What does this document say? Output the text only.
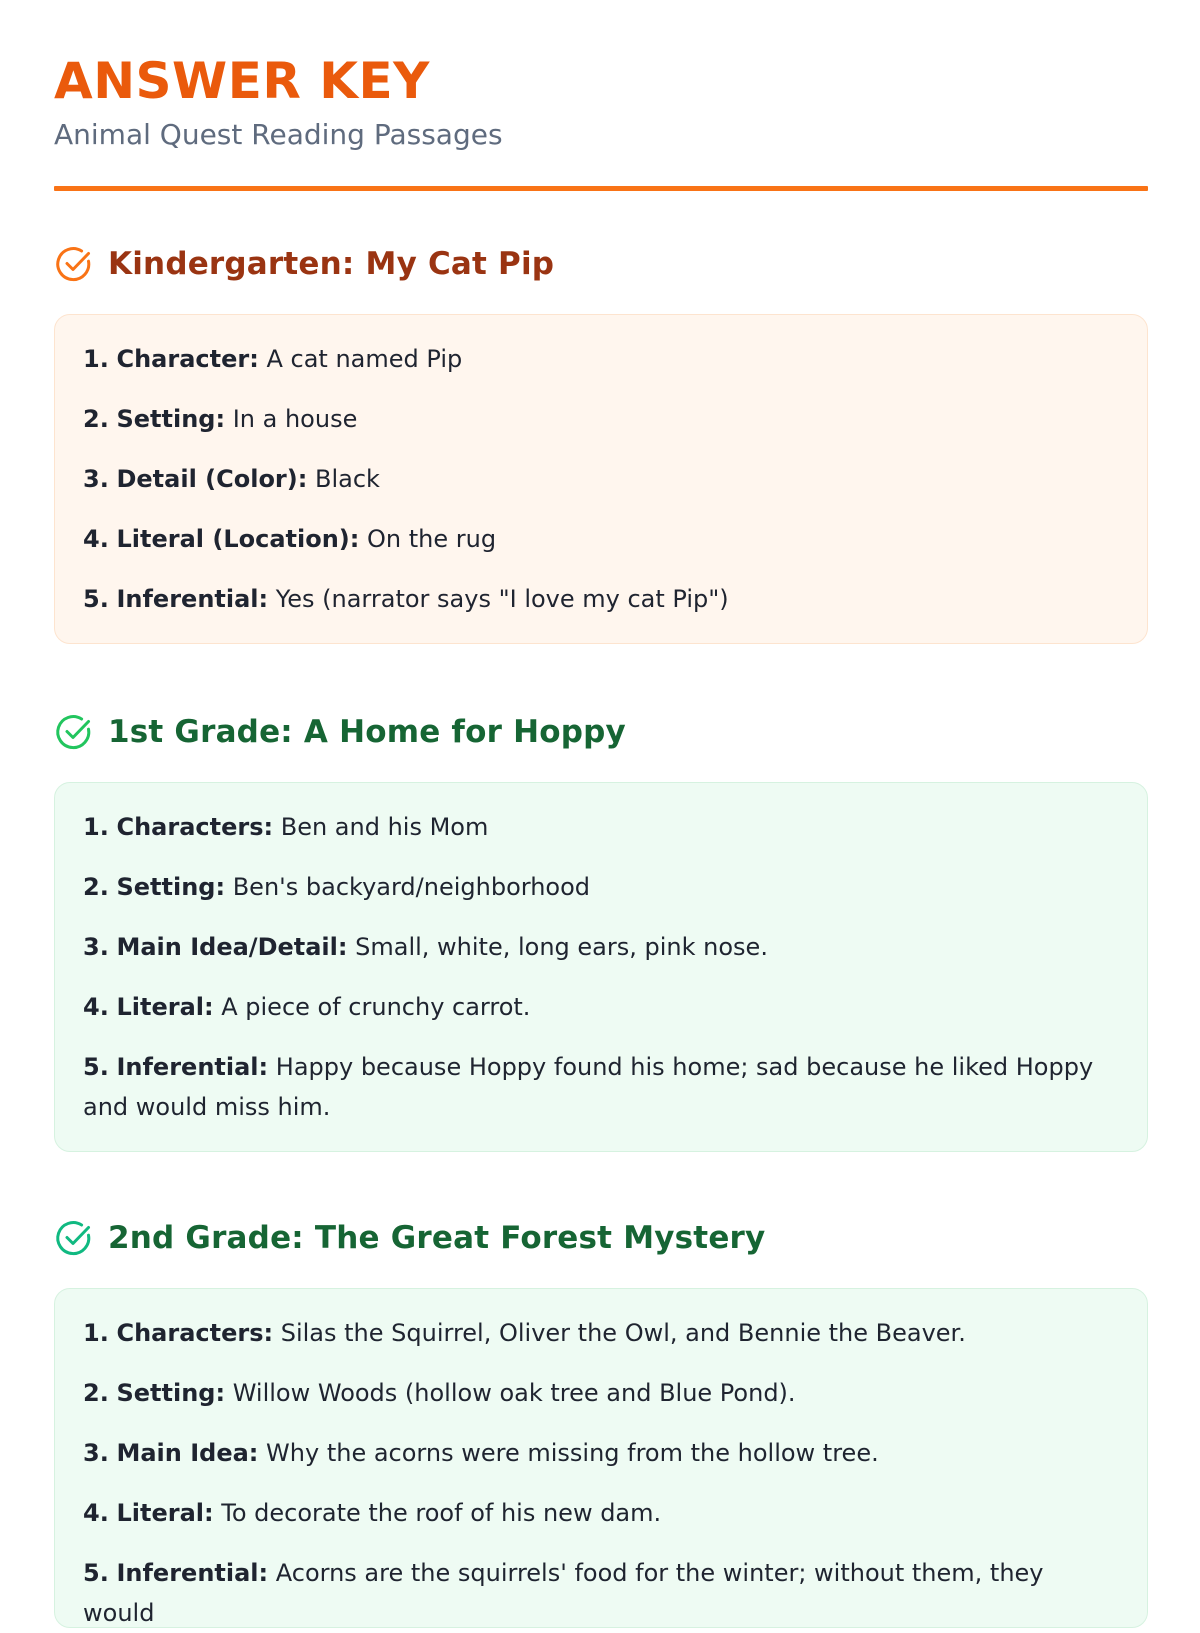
ANSWER KEY

Animal Quest Reading Passages

Kindergarten: My Cat Pip
1. Character: A cat named Pip
2. Setting: In a house
3. Detail (Color): Black
4. Literal (Location): On the rug
5. Inferential: Yes (narrator says "I love my cat Pip")
1st Grade: A Home for Hoppy
1. Characters: Ben and his Mom
2. Setting: Ben's backyard/neighborhood
3. Main Idea/Detail: Small, white, long ears, pink nose.
4. Literal: A piece of crunchy carrot.
5. Inferential: Happy because Hoppy found his home; sad because he liked Hoppy and would miss him.
2nd Grade: The Great Forest Mystery
1. Characters: Silas the Squirrel, Oliver the Owl, and Bennie the Beaver.
2. Setting: Willow Woods (hollow oak tree and Blue Pond).
3. Main Idea: Why the acorns were missing from the hollow tree.
4. Literal: To decorate the roof of his new dam.
5. Inferential: Acorns are the squirrels' food for the winter; without them, they would
